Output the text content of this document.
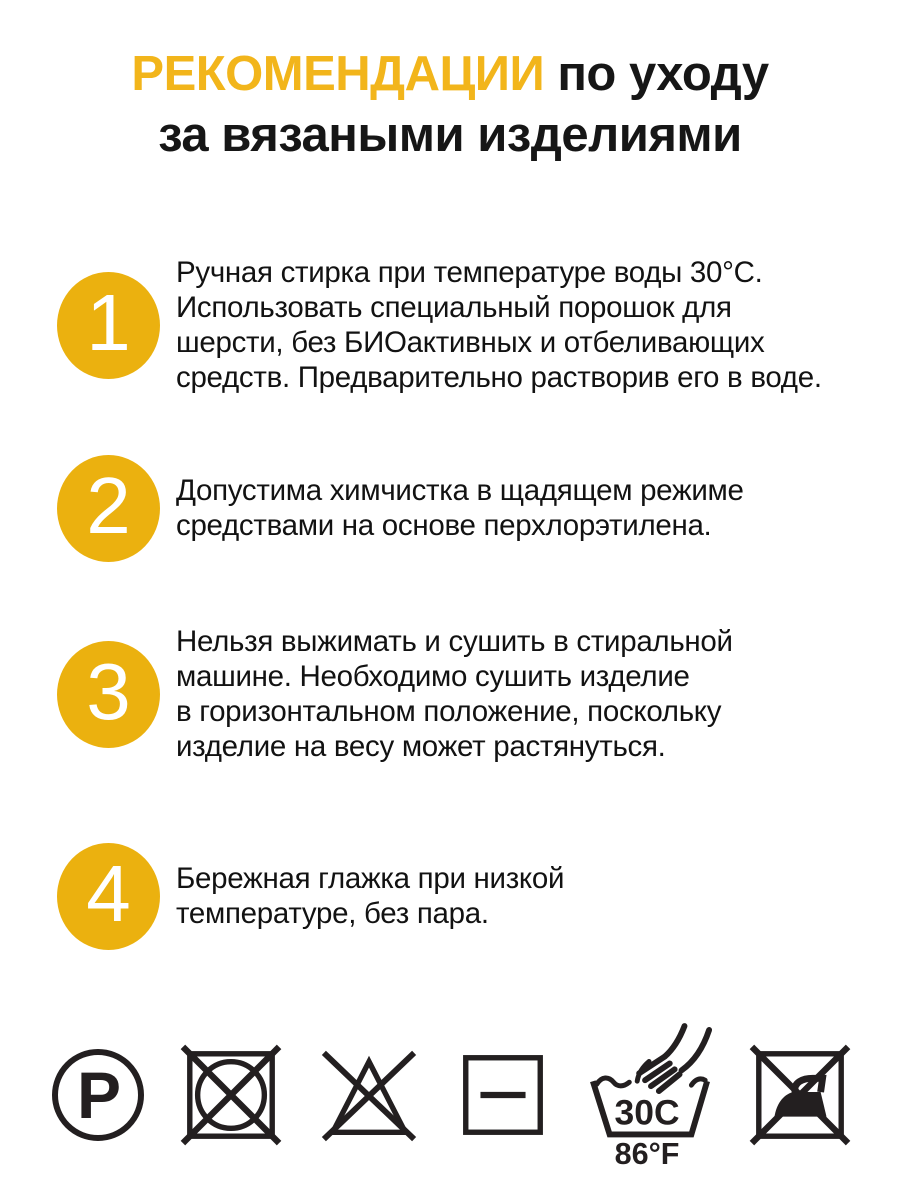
РЕКОМЕНДАЦИИ по уходу
за вязаными изделиями
1
Ручная стирка при температуре воды 30°C.
Использовать специальный порошок для
шерсти, без БИОактивных и отбеливающих
средств. Предварительно растворив его в воде.
2	Допустима химчистка в щадящем режиме
средствами на основе перхлорэтилена.
3
Нельзя выжимать и сушить в стиральной
машине. Необходимо сушить изделие
в горизонтальном положение, поскольку
изделие на весу может растянуться.
4	Бережная глажка при низкой
температуре, без пара.
P	30C
86°F
